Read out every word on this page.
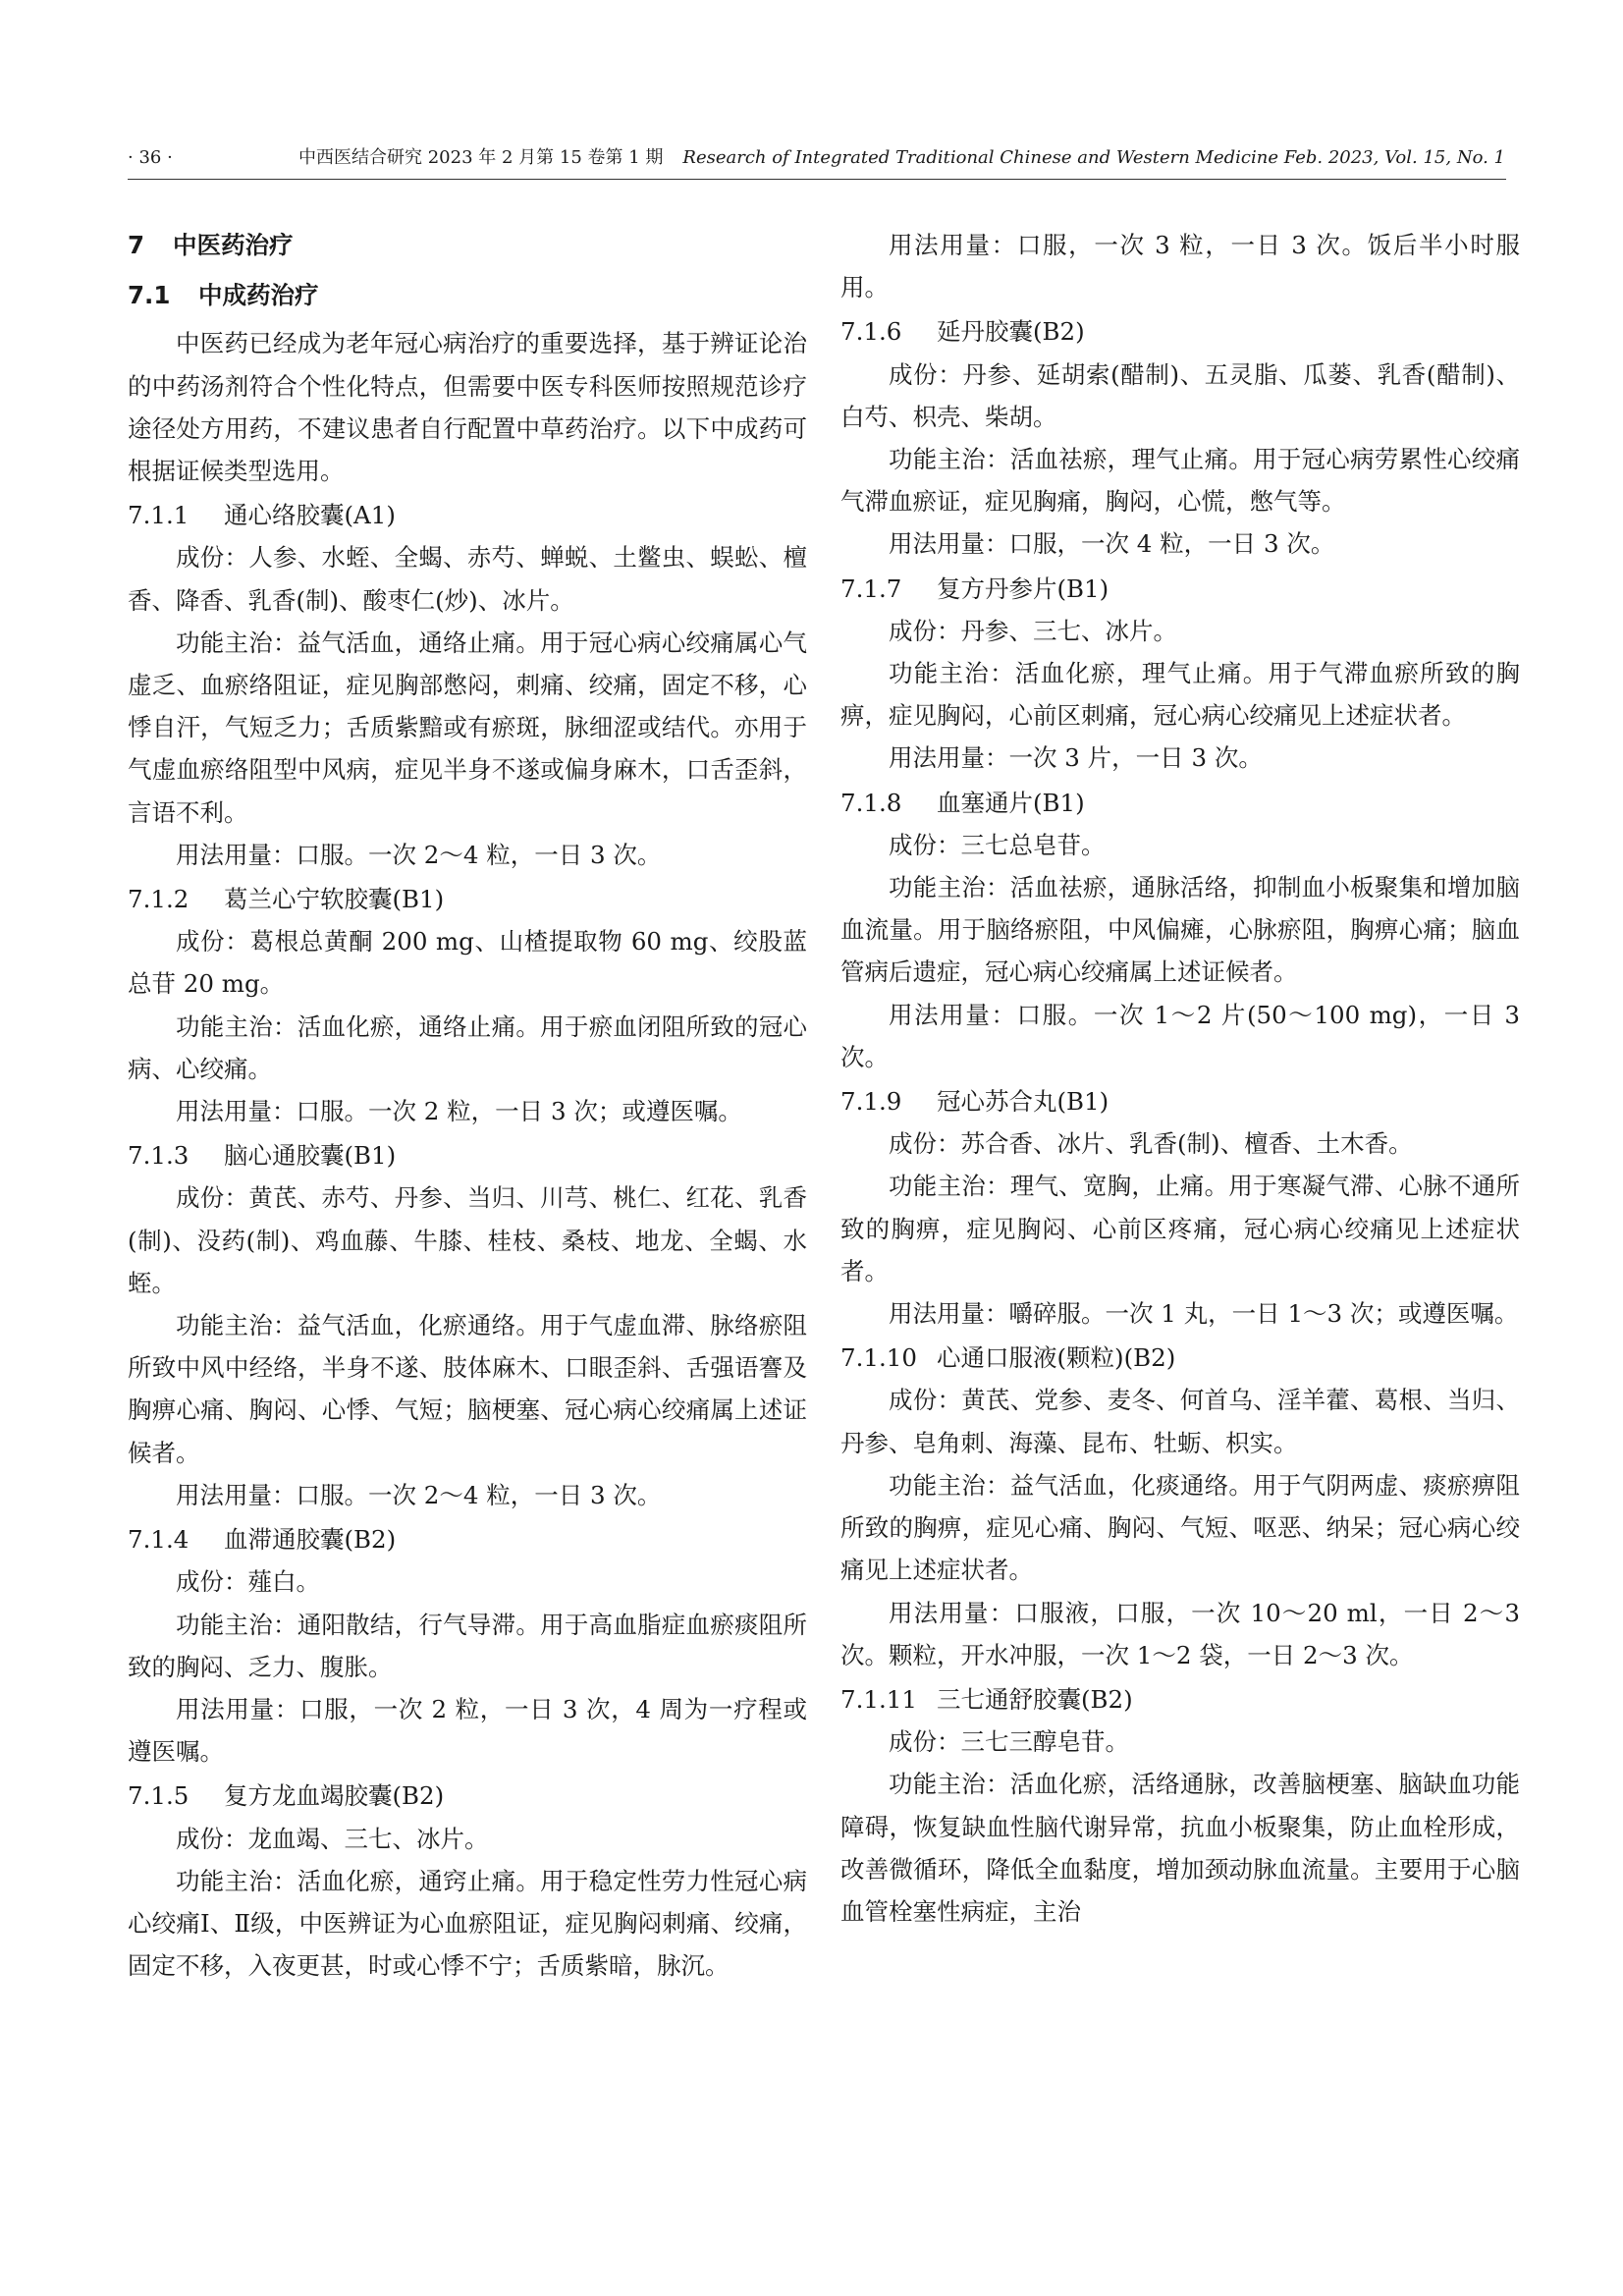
· 36 ·	中西医结合研究 2023 年 2 月第 15 卷第 1 期 Research of Integrated Traditional Chinese and Western Medicine Feb. 2023, Vol. 15, No. 1

7 中医药治疗

7.1 中成药治疗

中医药已经成为老年冠心病治疗的重要选择，基于辨证论治的中药汤剂符合个性化特点，但需要中医专科医师按照规范诊疗途径处方用药，不建议患者自行配置中草药治疗。以下中成药可根据证候类型选用。

7.1.1 通心络胶囊(A1)

成份：人参、水蛭、全蝎、赤芍、蝉蜕、土鳖虫、蜈蚣、檀香、降香、乳香(制)、酸枣仁(炒)、冰片。

功能主治：益气活血，通络止痛。用于冠心病心绞痛属心气虚乏、血瘀络阻证，症见胸部憋闷，刺痛、绞痛，固定不移，心悸自汗，气短乏力；舌质紫黯或有瘀斑，脉细涩或结代。亦用于气虚血瘀络阻型中风病，症见半身不遂或偏身麻木，口舌歪斜，言语不利。

用法用量：口服。一次 2～4 粒，一日 3 次。

7.1.2 葛兰心宁软胶囊(B1)

成份：葛根总黄酮 200 mg、山楂提取物 60 mg、绞股蓝总苷 20 mg。

功能主治：活血化瘀，通络止痛。用于瘀血闭阻所致的冠心病、心绞痛。

用法用量：口服。一次 2 粒，一日 3 次；或遵医嘱。

7.1.3 脑心通胶囊(B1)

成份：黄芪、赤芍、丹参、当归、川芎、桃仁、红花、乳香(制)、没药(制)、鸡血藤、牛膝、桂枝、桑枝、地龙、全蝎、水蛭。

功能主治：益气活血，化瘀通络。用于气虚血滞、脉络瘀阻所致中风中经络，半身不遂、肢体麻木、口眼歪斜、舌强语謇及胸痹心痛、胸闷、心悸、气短；脑梗塞、冠心病心绞痛属上述证候者。

用法用量：口服。一次 2～4 粒，一日 3 次。

7.1.4 血滞通胶囊(B2)

成份：薤白。

功能主治：通阳散结，行气导滞。用于高血脂症血瘀痰阻所致的胸闷、乏力、腹胀。

用法用量：口服，一次 2 粒，一日 3 次，4 周为一疗程或遵医嘱。

7.1.5 复方龙血竭胶囊(B2)

成份：龙血竭、三七、冰片。

功能主治：活血化瘀，通窍止痛。用于稳定性劳力性冠心病心绞痛Ⅰ、Ⅱ级，中医辨证为心血瘀阻证，症见胸闷刺痛、绞痛，固定不移，入夜更甚，时或心悸不宁；舌质紫暗，脉沉。

用法用量：口服，一次 3 粒，一日 3 次。饭后半小时服用。

7.1.6 延丹胶囊(B2)

成份：丹参、延胡索(醋制)、五灵脂、瓜蒌、乳香(醋制)、白芍、枳壳、柴胡。

功能主治：活血祛瘀，理气止痛。用于冠心病劳累性心绞痛气滞血瘀证，症见胸痛，胸闷，心慌，憋气等。

用法用量：口服，一次 4 粒，一日 3 次。

7.1.7 复方丹参片(B1)

成份：丹参、三七、冰片。

功能主治：活血化瘀，理气止痛。用于气滞血瘀所致的胸痹，症见胸闷，心前区刺痛，冠心病心绞痛见上述症状者。

用法用量：一次 3 片，一日 3 次。

7.1.8 血塞通片(B1)

成份：三七总皂苷。

功能主治：活血祛瘀，通脉活络，抑制血小板聚集和增加脑血流量。用于脑络瘀阻，中风偏瘫，心脉瘀阻，胸痹心痛；脑血管病后遗症，冠心病心绞痛属上述证候者。

用法用量：口服。一次 1～2 片(50～100 mg)，一日 3 次。

7.1.9 冠心苏合丸(B1)

成份：苏合香、冰片、乳香(制)、檀香、土木香。

功能主治：理气、宽胸，止痛。用于寒凝气滞、心脉不通所致的胸痹，症见胸闷、心前区疼痛，冠心病心绞痛见上述症状者。

用法用量：嚼碎服。一次 1 丸，一日 1～3 次；或遵医嘱。

7.1.10 心通口服液(颗粒)(B2)

成份：黄芪、党参、麦冬、何首乌、淫羊藿、葛根、当归、丹参、皂角刺、海藻、昆布、牡蛎、枳实。

功能主治：益气活血，化痰通络。用于气阴两虚、痰瘀痹阻所致的胸痹，症见心痛、胸闷、气短、呕恶、纳呆；冠心病心绞痛见上述症状者。

用法用量：口服液，口服，一次 10～20 ml，一日 2～3 次。颗粒，开水冲服，一次 1～2 袋，一日 2～3 次。

7.1.11 三七通舒胶囊(B2)

成份：三七三醇皂苷。

功能主治：活血化瘀，活络通脉，改善脑梗塞、脑缺血功能障碍，恢复缺血性脑代谢异常，抗血小板聚集，防止血栓形成，改善微循环，降低全血黏度，增加颈动脉血流量。主要用于心脑血管栓塞性病症，主治
